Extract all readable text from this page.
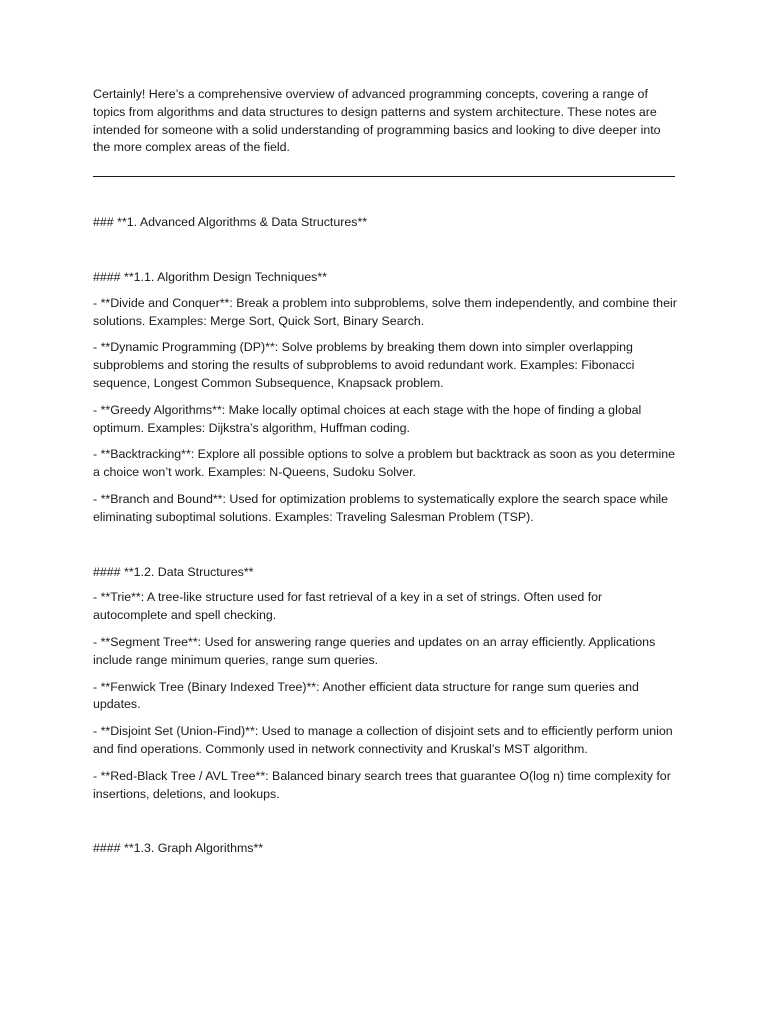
Certainly! Here’s a comprehensive overview of advanced programming concepts, covering a range of topics from algorithms and data structures to design patterns and system architecture. These notes are intended for someone with a solid understanding of programming basics and looking to dive deeper into the more complex areas of the field.

### **1. Advanced Algorithms & Data Structures**

#### **1.1. Algorithm Design Techniques**

- **Divide and Conquer**: Break a problem into subproblems, solve them independently, and combine their solutions. Examples: Merge Sort, Quick Sort, Binary Search.

- **Dynamic Programming (DP)**: Solve problems by breaking them down into simpler overlapping subproblems and storing the results of subproblems to avoid redundant work. Examples: Fibonacci sequence, Longest Common Subsequence, Knapsack problem.

- **Greedy Algorithms**: Make locally optimal choices at each stage with the hope of finding a global optimum. Examples: Dijkstra’s algorithm, Huffman coding.

- **Backtracking**: Explore all possible options to solve a problem but backtrack as soon as you determine a choice won’t work. Examples: N-Queens, Sudoku Solver.

- **Branch and Bound**: Used for optimization problems to systematically explore the search space while eliminating suboptimal solutions. Examples: Traveling Salesman Problem (TSP).

#### **1.2. Data Structures**

- **Trie**: A tree-like structure used for fast retrieval of a key in a set of strings. Often used for autocomplete and spell checking.

- **Segment Tree**: Used for answering range queries and updates on an array efficiently. Applications include range minimum queries, range sum queries.

- **Fenwick Tree (Binary Indexed Tree)**: Another efficient data structure for range sum queries and updates.

- **Disjoint Set (Union-Find)**: Used to manage a collection of disjoint sets and to efficiently perform union and find operations. Commonly used in network connectivity and Kruskal’s MST algorithm.

- **Red-Black Tree / AVL Tree**: Balanced binary search trees that guarantee O(log n) time complexity for insertions, deletions, and lookups.

#### **1.3. Graph Algorithms**
